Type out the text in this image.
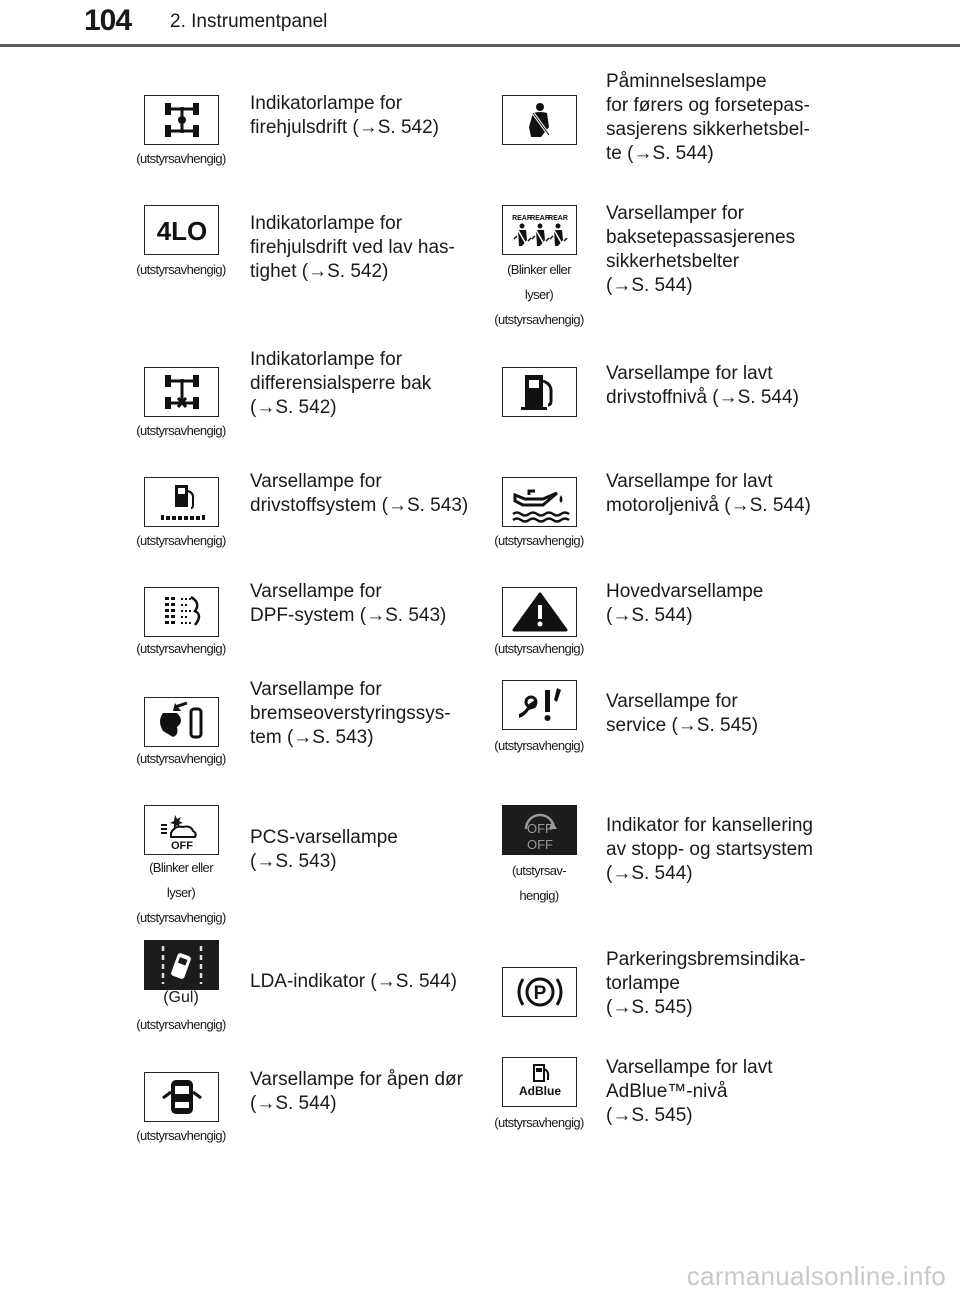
104 2. Instrumentpanel
(utstyrsavhengig)
Indikatorlampe for
firehjulsdrift (→S. 542)
Påminnelseslampe
for førers og forsetepas-
sasjerens sikkerhetsbel-
te (→S. 544)
4LO
(utstyrsavhengig)
Indikatorlampe for
firehjulsdrift ved lav has-
tighet (→S. 542)
REAR
REAR
REAR
(Blinker eller
lyser)
(utstyrsavhengig)
Varsellamper for
baksetepassasjerenes
sikkerhetsbelter
(→S. 544)
(utstyrsavhengig)
Indikatorlampe for
differensialsperre bak
(→S. 542)
Varsellampe for lavt
drivstoffnivå (→S. 544)
(utstyrsavhengig)
Varsellampe for
drivstoffsystem (→S. 543)
(utstyrsavhengig)
Varsellampe for lavt
motoroljenivå (→S. 544)
(utstyrsavhengig)
Varsellampe for
DPF-system (→S. 543)
(utstyrsavhengig)
Hovedvarsellampe
(→S. 544)
(utstyrsavhengig)
Varsellampe for
bremseoverstyringssys-
tem (→S. 543)	(utstyrsavhengig)
Varsellampe for
service (→S. 545)
OFF
(Blinker eller
lyser)
(utstyrsavhengig)
PCS-varsellampe
(→S. 543)
OFF
OFF
(utstyrsav-
hengig)
Indikator for kansellering
av stopp- og startsystem
(→S. 544)
(Gul)
(utstyrsavhengig)
LDA-indikator (→S. 544)
P
Parkeringsbremsindika-
torlampe
(→S. 545)
(utstyrsavhengig)
Varsellampe for åpen dør
(→S. 544)
AdBlue
(utstyrsavhengig)
Varsellampe for lavt
AdBlue™-nivå
(→S. 545)
carmanualsonline.info
